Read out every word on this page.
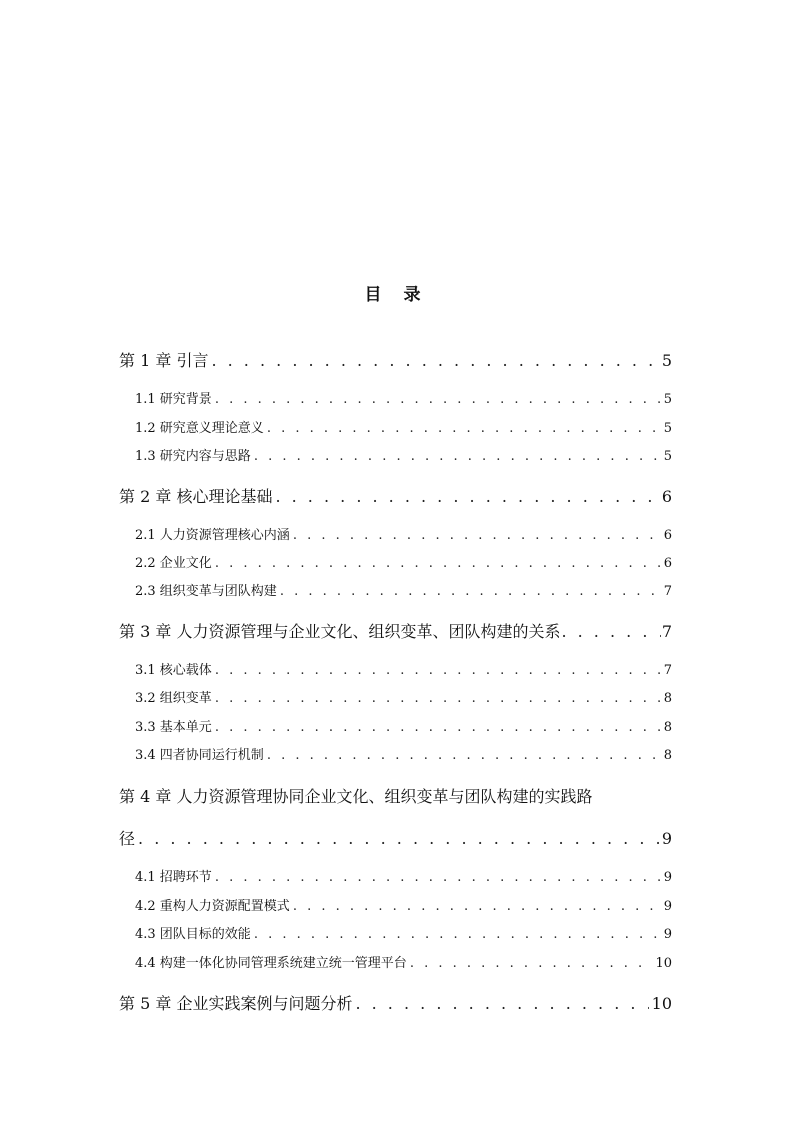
目 录
第 1 章 引言 . . .	5
1.1 研究背景 . . .	5
1.2 研究意义理论意义 . . .	5
1.3 研究内容与思路 . . .	5
第 2 章 核心理论基础 . . .	6
2.1 人力资源管理核心内涵 . . .	6
2.2 企业文化 . . .	6
2.3 组织变革与团队构建 . . .	7
第 3 章 人力资源管理与企业文化、组织变革、团队构建的关系 . . .	7
3.1 核心载体 . . .	7
3.2 组织变革 . . .	8
3.3 基本单元 . . .	8
3.4 四者协同运行机制 . . .	8
第 4 章 人力资源管理协同企业文化、组织变革与团队构建的实践路
径 . . .	9
4.1 招聘环节 . . .	9
4.2 重构人力资源配置模式 . . .	9
4.3 团队目标的效能 . . .	9
4.4 构建一体化协同管理系统建立统一管理平台 . . .	10
第 5 章 企业实践案例与问题分析 . . .	10
